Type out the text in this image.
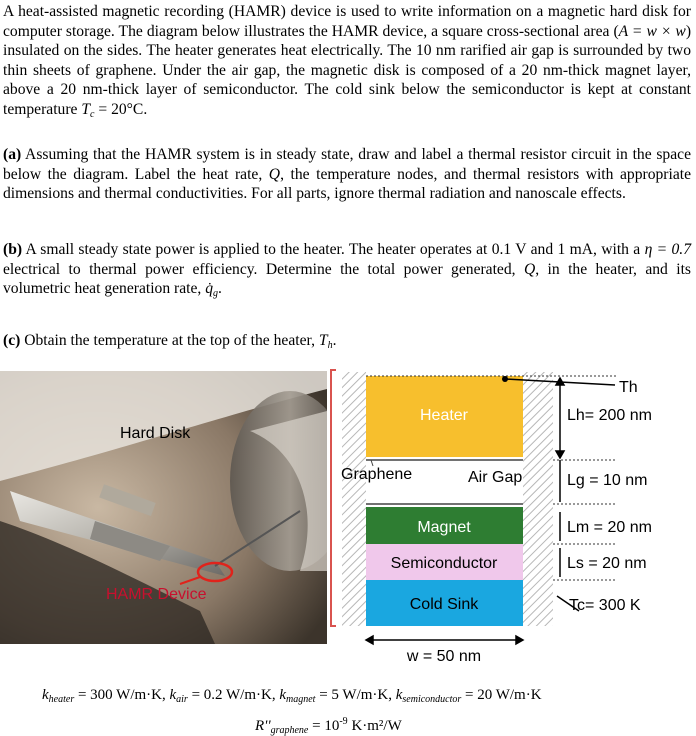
A heat-assisted magnetic recording (HAMR) device is used to write information on a magnetic hard disk for computer storage. The diagram below illustrates the HAMR device, a square cross-sectional area (A = w × w) insulated on the sides. The heater generates heat electrically. The 10 nm rarified air gap is surrounded by two thin sheets of graphene. Under the air gap, the magnetic disk is composed of a 20 nm-thick magnet layer, above a 20 nm-thick layer of semiconductor. The cold sink below the semiconductor is kept at constant temperature $T_c = 20^\circ C$.

(a) Assuming that the HAMR system is in steady state, draw and label a thermal resistor circuit in the space below the diagram. Label the heat rate, Q, the temperature nodes, and thermal resistors with appropriate dimensions and thermal conductivities. For all parts, ignore thermal radiation and nanoscale effects.

(b) A small steady state power is applied to the heater. The heater operates at 0.1 V and 1 mA, with a η = 0.7 electrical to thermal power efficiency. Determine the total power generated, Q, in the heater, and its volumetric heat generation rate, $q̇_g$.

(c) Obtain the temperature at the top of the heater, $T_h$.

Hard Disk
HAMR Device
Heater
Graphene	Air Gap
Magnet
Semiconductor
Cold Sink
Th
Lh= 200 nm
Lg = 10 nm
Lm = 20 nm
Ls = 20 nm
Tc= 300 K
w = 50 nm
$k_{heater} = 300$ W/m·K, $k_{air} = 0.2$ W/m·K, $k_{magnet} = 5$ W/m·K, $k_{semiconductor} = 20$ W/m·K
$R''_{graphene} = 10^{-9}$ K·m²/W
